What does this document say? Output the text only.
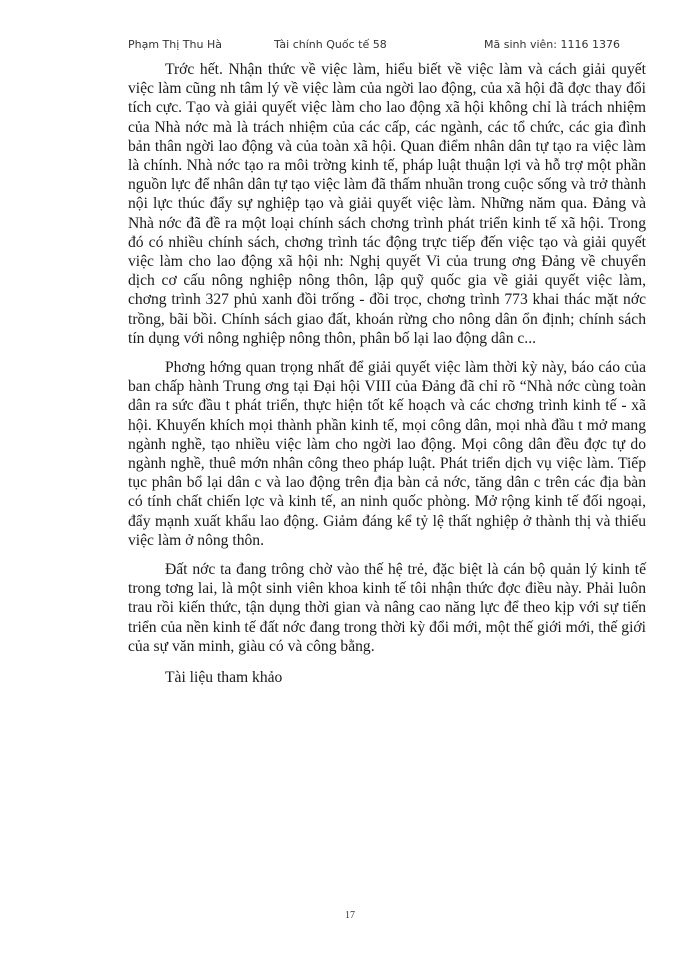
Phạm Thị Thu Hà	Tài chính Quốc tế 58	Mã sinh viên: 1116 1376

Trớc hết. Nhận thức về việc làm, hiểu biết về việc làm và cách giải quyết việc làm cũng nh tâm lý về việc làm của ngời lao động, của xã hội đã đợc thay đổi tích cực. Tạo và giải quyết việc làm cho lao động xã hội không chỉ là trách nhiệm của Nhà nớc mà là trách nhiệm của các cấp, các ngành, các tổ chức, các gia đình bản thân ngời lao động và của toàn xã hội. Quan điểm nhân dân tự tạo ra việc làm là chính. Nhà nớc tạo ra môi trờng kinh tế, pháp luật thuận lợi và hỗ trợ một phần nguồn lực để nhân dân tự tạo việc làm đã thấm nhuần trong cuộc sống và trở thành nội lực thúc đẩy sự nghiệp tạo và giải quyết việc làm. Những năm qua. Đảng và Nhà nớc đã đề ra một loại chính sách chơng trình phát triển kinh tế xã hội. Trong đó có nhiều chính sách, chơng trình tác động trực tiếp đến việc tạo và giải quyết việc làm cho lao động xã hội nh: Nghị quyết Vi của trung ơng Đảng về chuyển dịch cơ cấu nông nghiệp nông thôn, lập quỹ quốc gia về giải quyết việc làm, chơng trình 327 phủ xanh đồi trống - đồi trọc, chơng trình 773 khai thác mặt nớc trồng, bãi bồi. Chính sách giao đất, khoán rừng cho nông dân ổn định; chính sách tín dụng với nông nghiệp nông thôn, phân bố lại lao động dân c...

Phơng hớng quan trọng nhất để giải quyết việc làm thời kỳ này, báo cáo của ban chấp hành Trung ơng tại Đại hội VIII của Đảng đã chỉ rõ “Nhà nớc cùng toàn dân ra sức đầu t phát triển, thực hiện tốt kế hoạch và các chơng trình kinh tế - xã hội. Khuyến khích mọi thành phần kinh tế, mọi công dân, mọi nhà đầu t mở mang ngành nghề, tạo nhiều việc làm cho ngời lao động. Mọi công dân đều đợc tự do ngành nghề, thuê mớn nhân công theo pháp luật. Phát triển dịch vụ việc làm. Tiếp tục phân bổ lại dân c và lao động trên địa bàn cả nớc, tăng dân c trên các địa bàn có tính chất chiến lợc và kinh tế, an ninh quốc phòng. Mở rộng kinh tế đối ngoại, đẩy mạnh xuất khẩu lao động. Giảm đáng kể tỷ lệ thất nghiệp ở thành thị và thiếu việc làm ở nông thôn.

Đất nớc ta đang trông chờ vào thế hệ trẻ, đặc biệt là cán bộ quản lý kinh tế trong tơng lai, là một sinh viên khoa kinh tế tôi nhận thức đợc điều này. Phải luôn trau rồi kiến thức, tận dụng thời gian và nâng cao năng lực để theo kịp với sự tiến triển của nền kinh tế đất nớc đang trong thời kỳ đổi mới, một thế giới mới, thế giới của sự văn minh, giàu có và công bằng.

Tài liệu tham khảo

17
